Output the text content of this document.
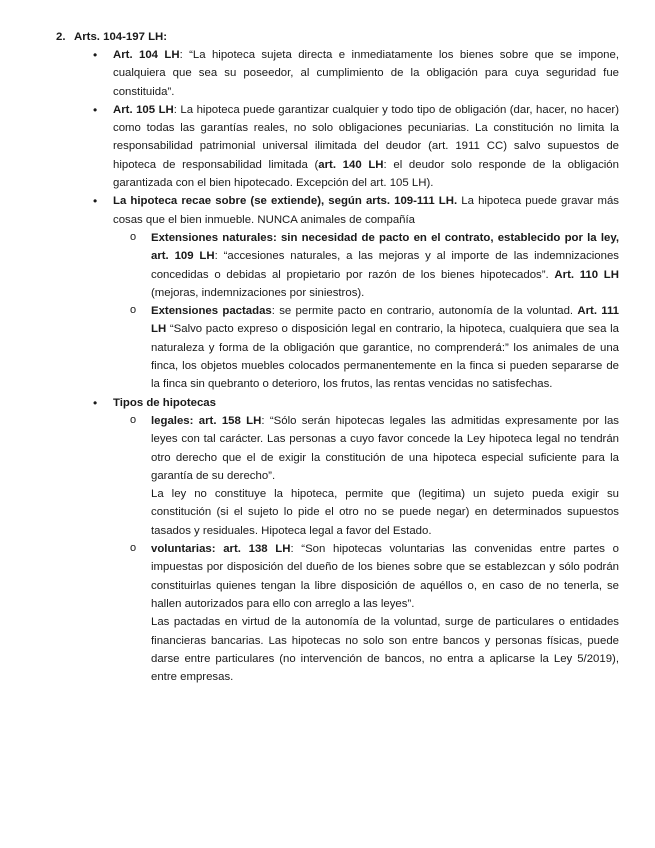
2. Arts. 104-197 LH:
• Art. 104 LH: “La hipoteca sujeta directa e inmediatamente los bienes sobre que se impone, cualquiera que sea su poseedor, al cumplimiento de la obligación para cuya seguridad fue constituida”.
• Art. 105 LH: La hipoteca puede garantizar cualquier y todo tipo de obligación (dar, hacer, no hacer) como todas las garantías reales, no solo obligaciones pecuniarias. La constitución no limita la responsabilidad patrimonial universal ilimitada del deudor (art. 1911 CC) salvo supuestos de hipoteca de responsabilidad limitada (art. 140 LH: el deudor solo responde de la obligación garantizada con el bien hipotecado. Excepción del art. 105 LH).
• La hipoteca recae sobre (se extiende), según arts. 109-111 LH. La hipoteca puede gravar más cosas que el bien inmueble. NUNCA animales de compañía
o Extensiones naturales: sin necesidad de pacto en el contrato, establecido por la ley, art. 109 LH: “accesiones naturales, a las mejoras y al importe de las indemnizaciones concedidas o debidas al propietario por razón de los bienes hipotecados”. Art. 110 LH (mejoras, indemnizaciones por siniestros).
o Extensiones pactadas: se permite pacto en contrario, autonomía de la voluntad. Art. 111 LH “Salvo pacto expreso o disposición legal en contrario, la hipoteca, cualquiera que sea la naturaleza y forma de la obligación que garantice, no comprenderá:” los animales de una finca, los objetos muebles colocados permanentemente en la finca si pueden separarse de la finca sin quebranto o deterioro, los frutos, las rentas vencidas no satisfechas.
• Tipos de hipotecas
o legales: art. 158 LH: “Sólo serán hipotecas legales las admitidas expresamente por las leyes con tal carácter. Las personas a cuyo favor concede la Ley hipoteca legal no tendrán otro derecho que el de exigir la constitución de una hipoteca especial suficiente para la garantía de su derecho”.
La ley no constituye la hipoteca, permite que (legitima) un sujeto pueda exigir su constitución (si el sujeto lo pide el otro no se puede negar) en determinados supuestos tasados y residuales. Hipoteca legal a favor del Estado.
o voluntarias: art. 138 LH: “Son hipotecas voluntarias las convenidas entre partes o impuestas por disposición del dueño de los bienes sobre que se establezcan y sólo podrán constituirlas quienes tengan la libre disposición de aquéllos o, en caso de no tenerla, se hallen autorizados para ello con arreglo a las leyes”.
Las pactadas en virtud de la autonomía de la voluntad, surge de particulares o entidades financieras bancarias. Las hipotecas no solo son entre bancos y personas físicas, puede darse entre particulares (no intervención de bancos, no entra a aplicarse la Ley 5/2019), entre empresas.
